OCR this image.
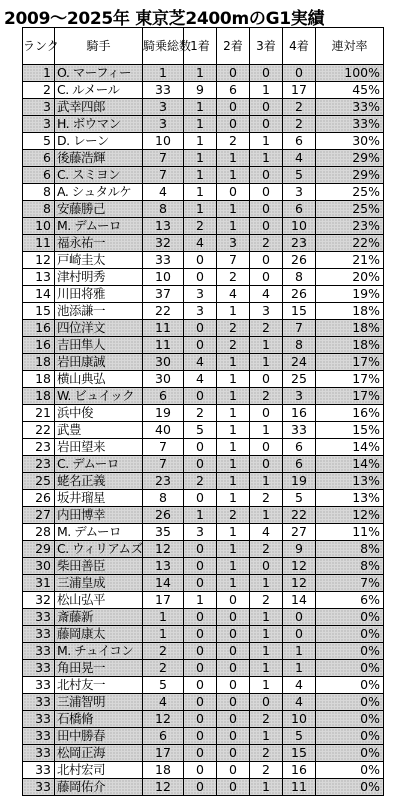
2009～2025年 東京芝2400mのG1実績
ランク	騎手	騎乗総数	1着	2着	3着	4着	連対率
1	O. マーフィー	1	1	0	0	0	100%
2	C. ルメール	33	9	6	1	17	45%
3	武幸四郎	3	1	0	0	2	33%
3	H. ボウマン	3	1	0	0	2	33%
5	D. レーン	10	1	2	1	6	30%
6	後藤浩輝	7	1	1	1	4	29%
6	C. スミヨン	7	1	1	0	5	29%
8	A. シュタルケ	4	1	0	0	3	25%
8	安藤勝己	8	1	1	0	6	25%
10	M. デムーロ	13	2	1	0	10	23%
11	福永祐一	32	4	3	2	23	22%
12	戸崎圭太	33	0	7	0	26	21%
13	津村明秀	10	0	2	0	8	20%
14	川田将雅	37	3	4	4	26	19%
15	池添謙一	22	3	1	3	15	18%
16	四位洋文	11	0	2	2	7	18%
16	吉田隼人	11	0	2	1	8	18%
18	岩田康誠	30	4	1	1	24	17%
18	横山典弘	30	4	1	0	25	17%
18	W. ビュイック	6	0	1	2	3	17%
21	浜中俊	19	2	1	0	16	16%
22	武豊	40	5	1	1	33	15%
23	岩田望来	7	0	1	0	6	14%
23	C. デムーロ	7	0	1	0	6	14%
25	蛯名正義	23	2	1	1	19	13%
26	坂井瑠星	8	0	1	2	5	13%
27	内田博幸	26	1	2	1	22	12%
28	M. デムーロ	35	3	1	4	27	11%
29	C. ウィリアムズ	12	0	1	2	9	8%
30	柴田善臣	13	0	1	0	12	8%
31	三浦皇成	14	0	1	1	12	7%
32	松山弘平	17	1	0	2	14	6%
33	斎藤新	1	0	0	1	0	0%
33	藤岡康太	1	0	0	1	0	0%
33	M. チュイコン	2	0	0	1	1	0%
33	角田晃一	2	0	0	1	1	0%
33	北村友一	5	0	0	1	4	0%
33	三浦智明	4	0	0	0	4	0%
33	石橋脩	12	0	0	2	10	0%
33	田中勝春	6	0	0	1	5	0%
33	松岡正海	17	0	0	2	15	0%
33	北村宏司	18	0	0	2	16	0%
33	藤岡佑介	12	0	0	1	11	0%
